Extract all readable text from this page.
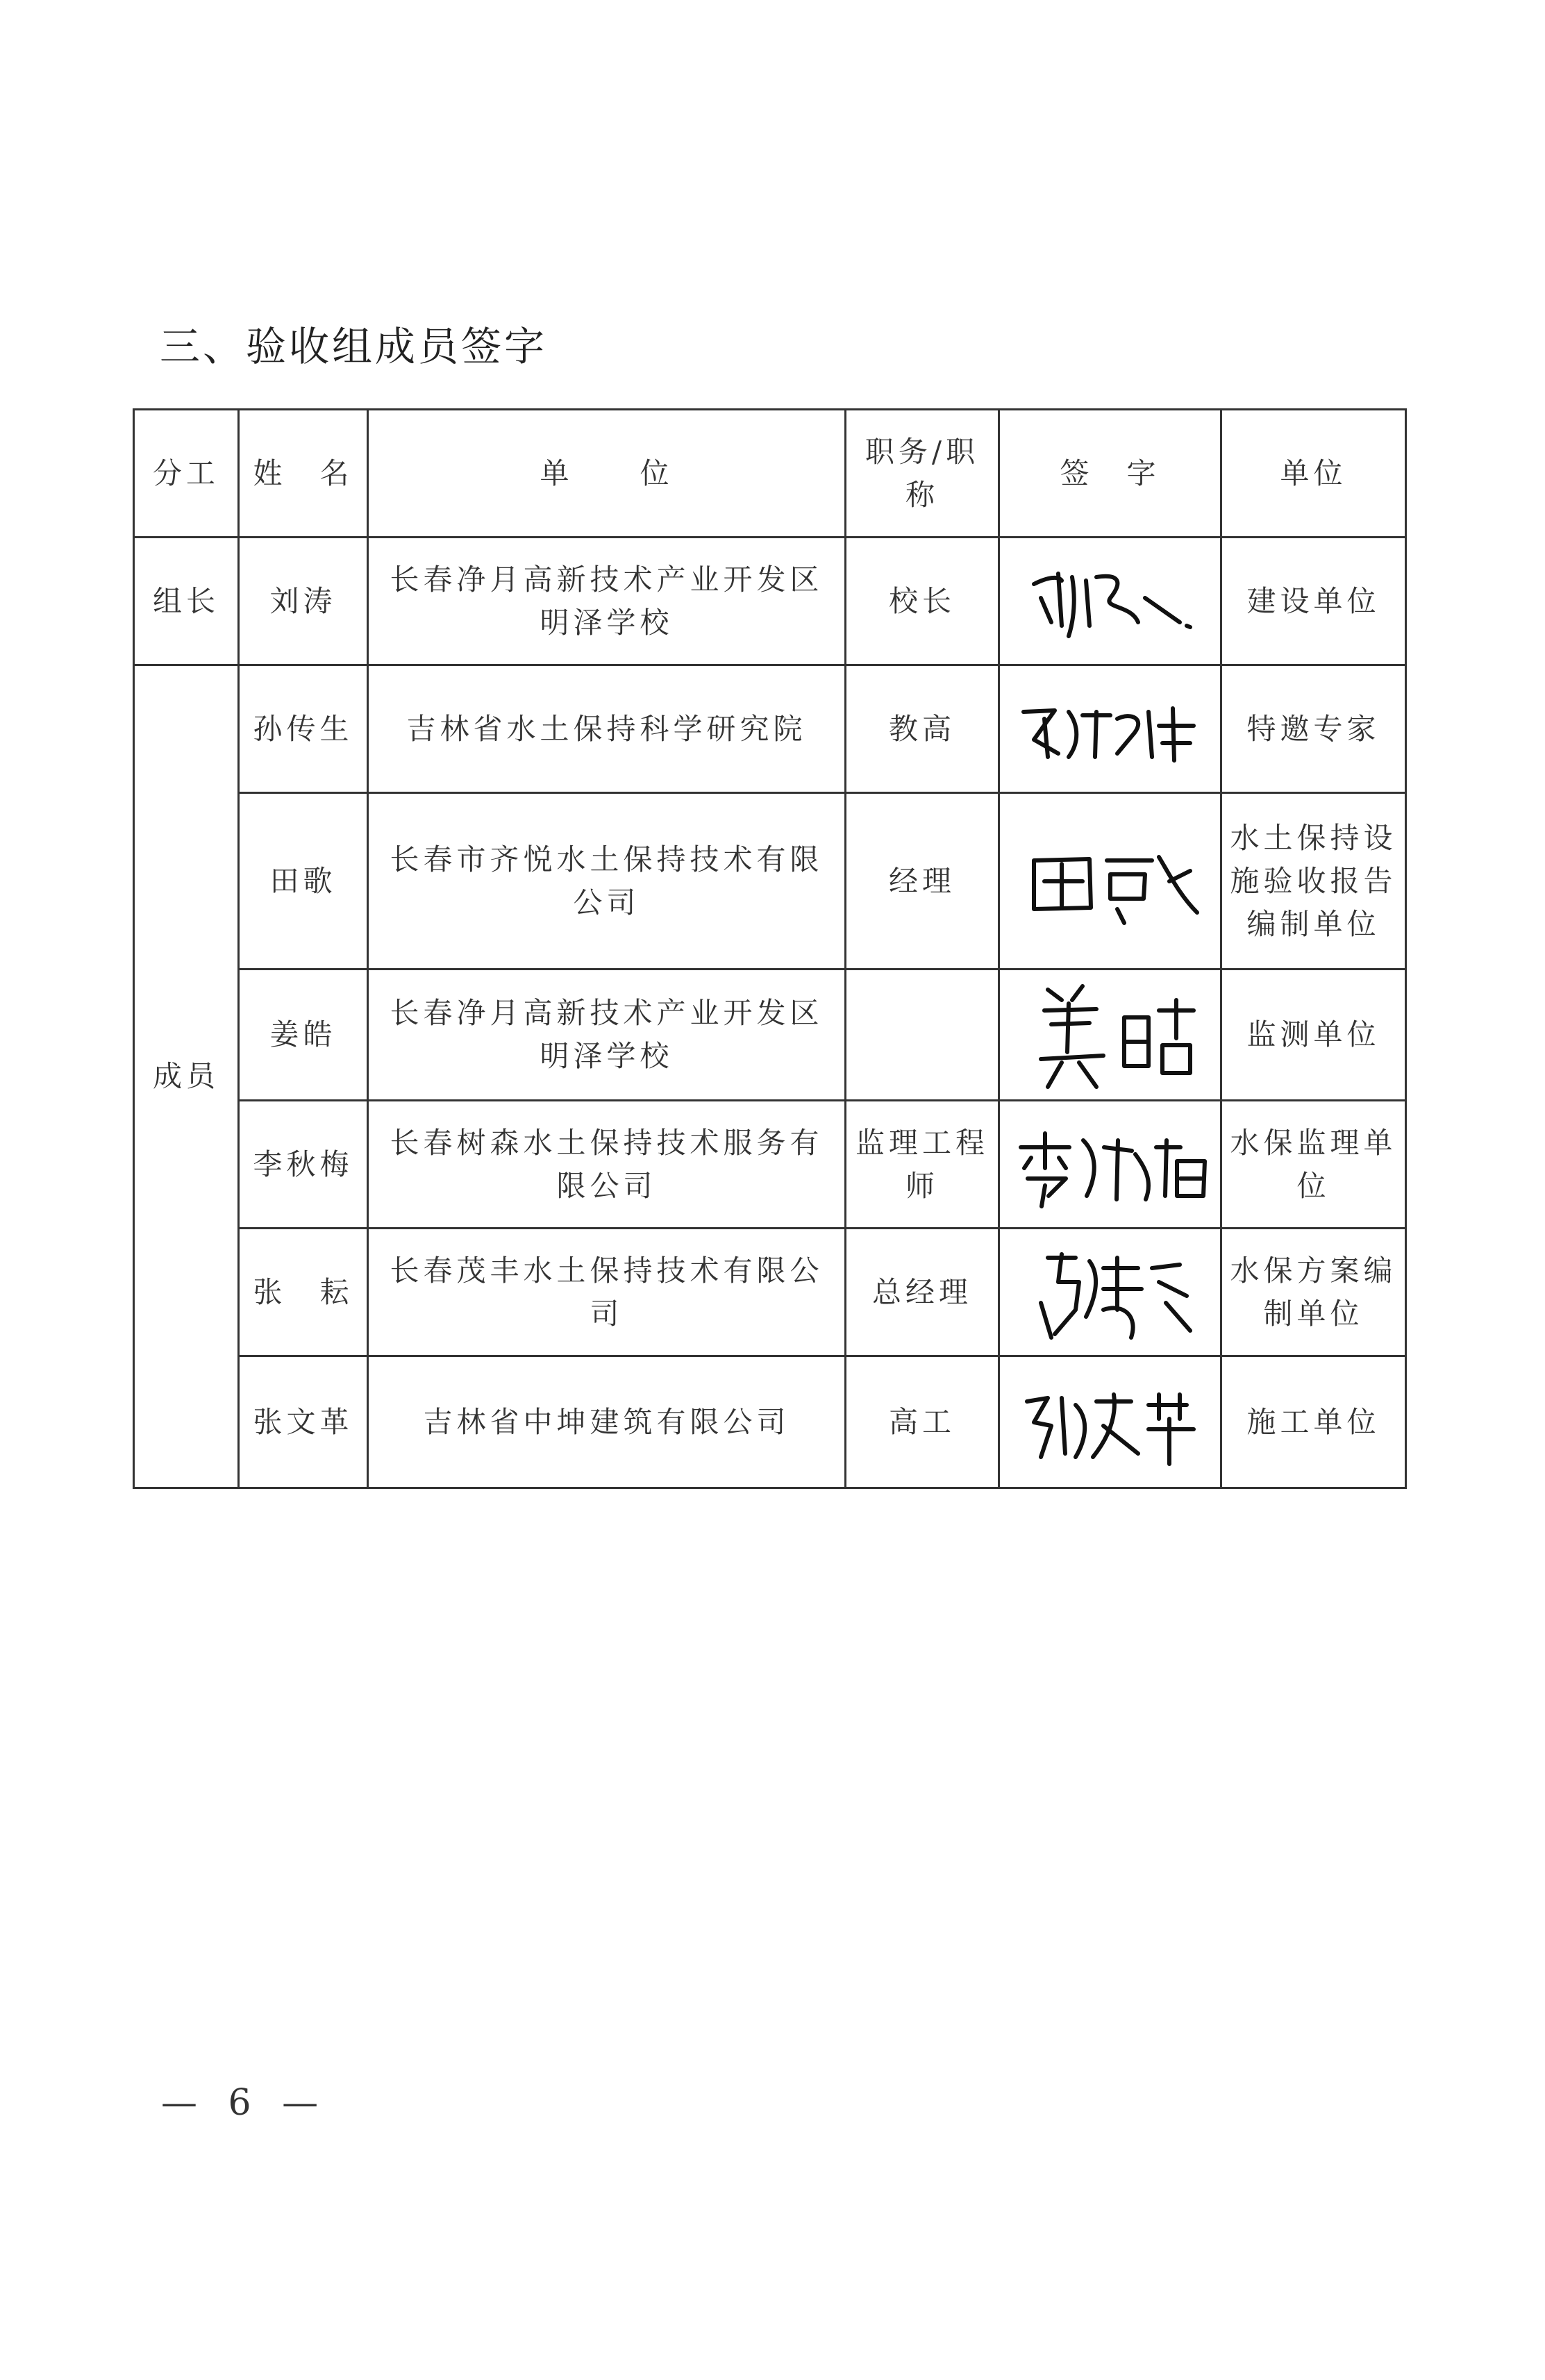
三、验收组成员签字
分工	姓　名	单　　位	职务/职称	签　字	单位
组长	刘涛	长春净月高新技术产业开发区明泽学校	校长		建设单位
成员	孙传生	吉林省水土保持科学研究院	教高		特邀专家
	田歌	长春市齐悦水土保持技术有限公司	经理		水土保持设施验收报告编制单位
	姜皓	长春净月高新技术产业开发区明泽学校			监测单位
	李秋梅	长春树森水土保持技术服务有限公司	监理工程师		水保监理单位
	张　耘	长春茂丰水土保持技术有限公司	总经理		水保方案编制单位
	张文革	吉林省中坤建筑有限公司	高工		施工单位
— 6 —
